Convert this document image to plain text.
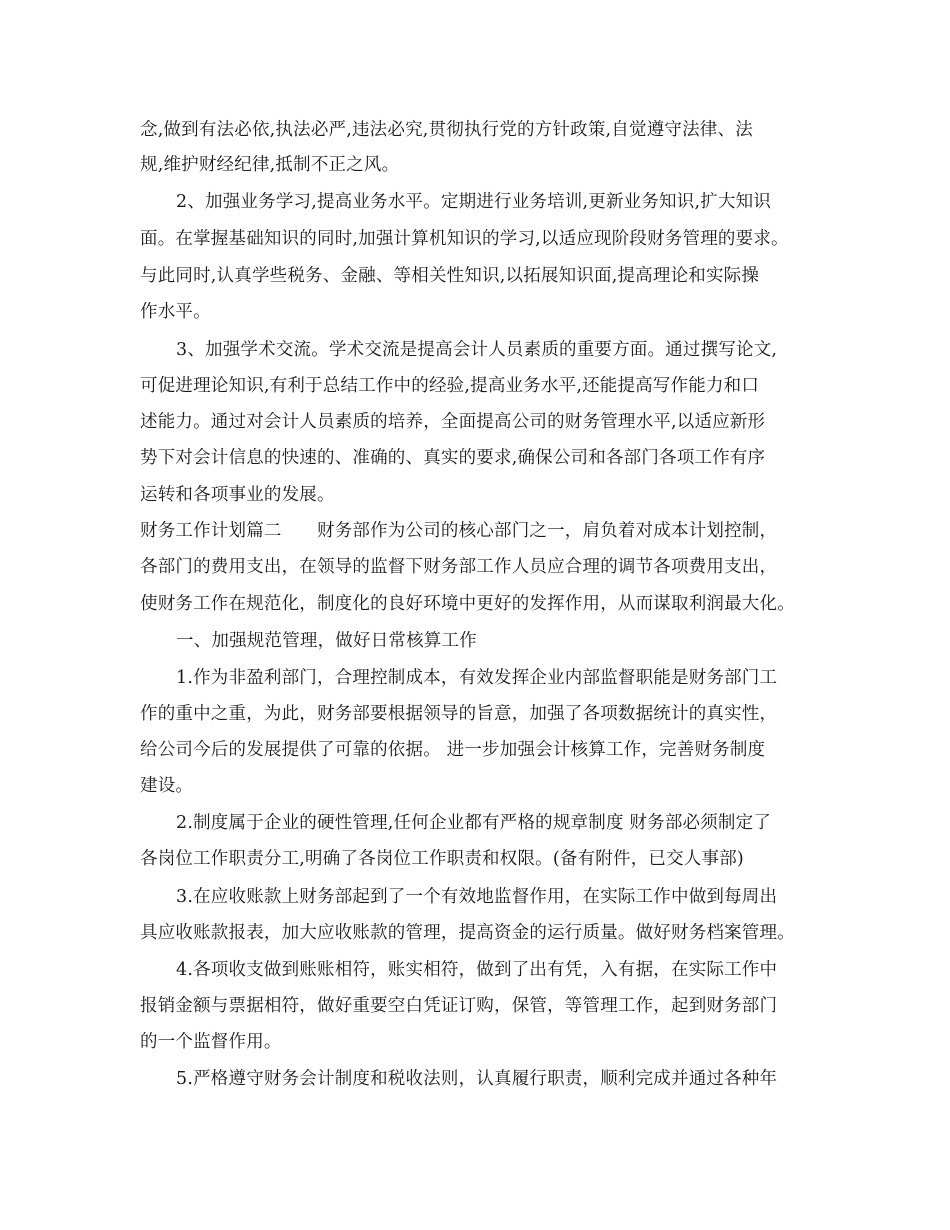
念,做到有法必依,执法必严,违法必究,贯彻执行党的方针政策,自觉遵守法律、法
规,维护财经纪律,抵制不正之风。
2、加强业务学习,提高业务水平。定期进行业务培训,更新业务知识,扩大知识
面。在掌握基础知识的同时,加强计算机知识的学习,以适应现阶段财务管理的要求。
与此同时,认真学些税务、金融、等相关性知识,以拓展知识面,提高理论和实际操
作水平。
3、加强学术交流。学术交流是提高会计人员素质的重要方面。通过撰写论文,
可促进理论知识,有利于总结工作中的经验,提高业务水平,还能提高写作能力和口
述能力。通过对会计人员素质的培养，全面提高公司的财务管理水平,以适应新形
势下对会计信息的快速的、准确的、真实的要求,确保公司和各部门各项工作有序
运转和各项事业的发展。
财务工作计划篇二　　财务部作为公司的核心部门之一，肩负着对成本计划控制，
各部门的费用支出，在领导的监督下财务部工作人员应合理的调节各项费用支出，
使财务工作在规范化，制度化的良好环境中更好的发挥作用，从而谋取利润最大化。
一、加强规范管理，做好日常核算工作
1.作为非盈利部门，合理控制成本，有效发挥企业内部监督职能是财务部门工
作的重中之重，为此，财务部要根据领导的旨意，加强了各项数据统计的真实性，
给公司今后的发展提供了可靠的依据。 进一步加强会计核算工作，完善财务制度
建设。
2.制度属于企业的硬性管理,任何企业都有严格的规章制度 财务部必须制定了
各岗位工作职责分工,明确了各岗位工作职责和权限。(备有附件，已交人事部)
3.在应收账款上财务部起到了一个有效地监督作用，在实际工作中做到每周出
具应收账款报表，加大应收账款的管理，提高资金的运行质量。做好财务档案管理。
4.各项收支做到账账相符，账实相符，做到了出有凭，入有据，在实际工作中
报销金额与票据相符，做好重要空白凭证订购，保管，等管理工作，起到财务部门
的一个监督作用。
5.严格遵守财务会计制度和税收法则，认真履行职责，顺利完成并通过各种年
